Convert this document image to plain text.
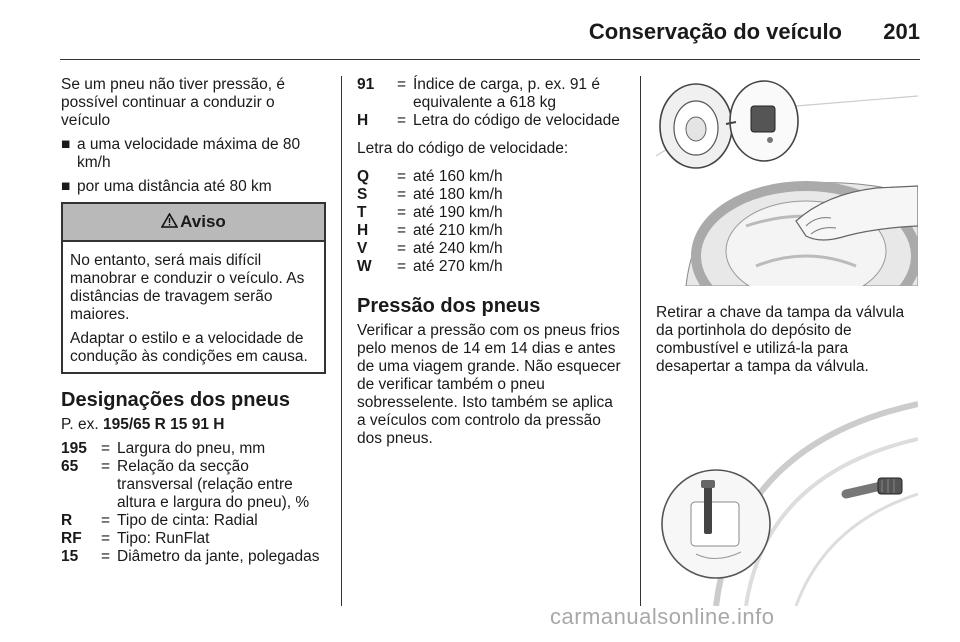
Conservação do veículo 201

Se um pneu não tiver pressão, é possível continuar a conduzir o veículo

■ a uma velocidade máxima de 80 km/h
■ por uma distância até 80 km
Aviso

No entanto, será mais difícil manobrar e conduzir o veículo. As distâncias de travagem serão maiores.

Adaptar o estilo e a velocidade de condução às condições em causa.

Designações dos pneus

P. ex. 195/65 R 15 91 H

195 = Largura do pneu, mm
65	= Relação da secção transversal (relação entre altura e largura do pneu), %
R	= Tipo de cinta: Radial
RF	= Tipo: RunFlat
15	= Diâmetro da jante, polegadas
91	= Índice de carga, p. ex. 91 é equivalente a 618 kg
H	= Letra do código de velocidade

Letra do código de velocidade:

Q	= até 160 km/h
S	= até 180 km/h
T	= até 190 km/h
H	= até 210 km/h
V	= até 240 km/h
W	= até 270 km/h
Pressão dos pneus

Verificar a pressão com os pneus frios pelo menos de 14 em 14 dias e antes de uma viagem grande. Não esquecer de verificar também o pneu sobresselente. Isto também se aplica a veículos com controlo da pressão dos pneus.

Retirar a chave da tampa da válvula da portinhola do depósito de combustível e utilizá-la para desapertar a tampa da válvula.

carmanualsonline.info
